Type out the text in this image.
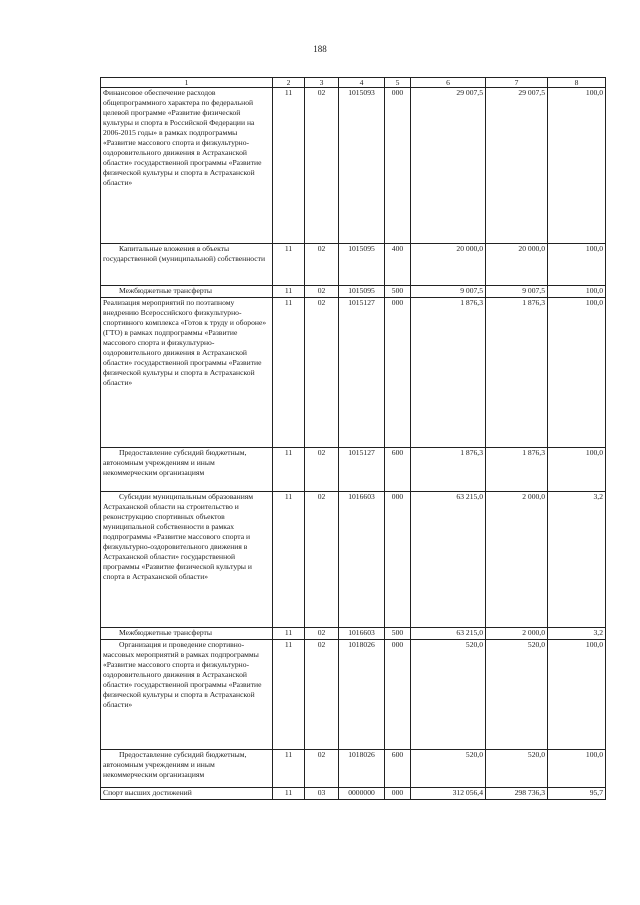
188
1	2	3	4	5	6	7	8
Финансовое обеспечение расходов общепрограммного характера по федеральной целевой программе «Развитие физической культуры и спорта в Российской Федерации на 2006-2015 годы» в рамках подпрограммы «Развитие массового спорта и физкультурно-оздоровительного движения в Астраханской области» государственной программы «Развитие физической культуры и спорта в Астраханской области»	11	02	1015093	000	29 007,5	29 007,5	100,0
Капитальные вложения в объекты государственной (муниципальной) собственности	11	02	1015095	400	20 000,0	20 000,0	100,0
Межбюджетные трансферты	11	02	1015095	500	9 007,5	9 007,5	100,0
Реализация мероприятий по поэтапному внедрению Всероссийского физкультурно-спортивного комплекса «Готов к труду и обороне» (ГТО) в рамках подпрограммы «Развитие массового спорта и физкультурно-оздоровительного движения в Астраханской области» государственной программы «Развитие физической культуры и спорта в Астраханской области»	11	02	1015127	000	1 876,3	1 876,3	100,0
Предоставление субсидий бюджетным, автономным учреждениям и иным некоммерческим организациям	11	02	1015127	600	1 876,3	1 876,3	100,0
Субсидии муниципальным образованиям Астраханской области на строительство и реконструкцию спортивных объектов муниципальной собственности в рамках подпрограммы «Развитие массового спорта и физкультурно-оздоровительного движения в Астраханской области» государственной программы «Развитие физической культуры и спорта в Астраханской области»	11	02	1016603	000	63 215,0	2 000,0	3,2
Межбюджетные трансферты	11	02	1016603	500	63 215,0	2 000,0	3,2
Организация и проведение спортивно-массовых мероприятий в рамках подпрограммы «Развитие массового спорта и физкультурно-оздоровительного движения в Астраханской области» государственной программы «Развитие физической культуры и спорта в Астраханской области»	11	02	1018026	000	520,0	520,0	100,0
Предоставление субсидий бюджетным, автономным учреждениям и иным некоммерческим организациям	11	02	1018026	600	520,0	520,0	100,0
Спорт высших достижений	11	03	0000000	000	312 056,4	298 736,3	95,7
